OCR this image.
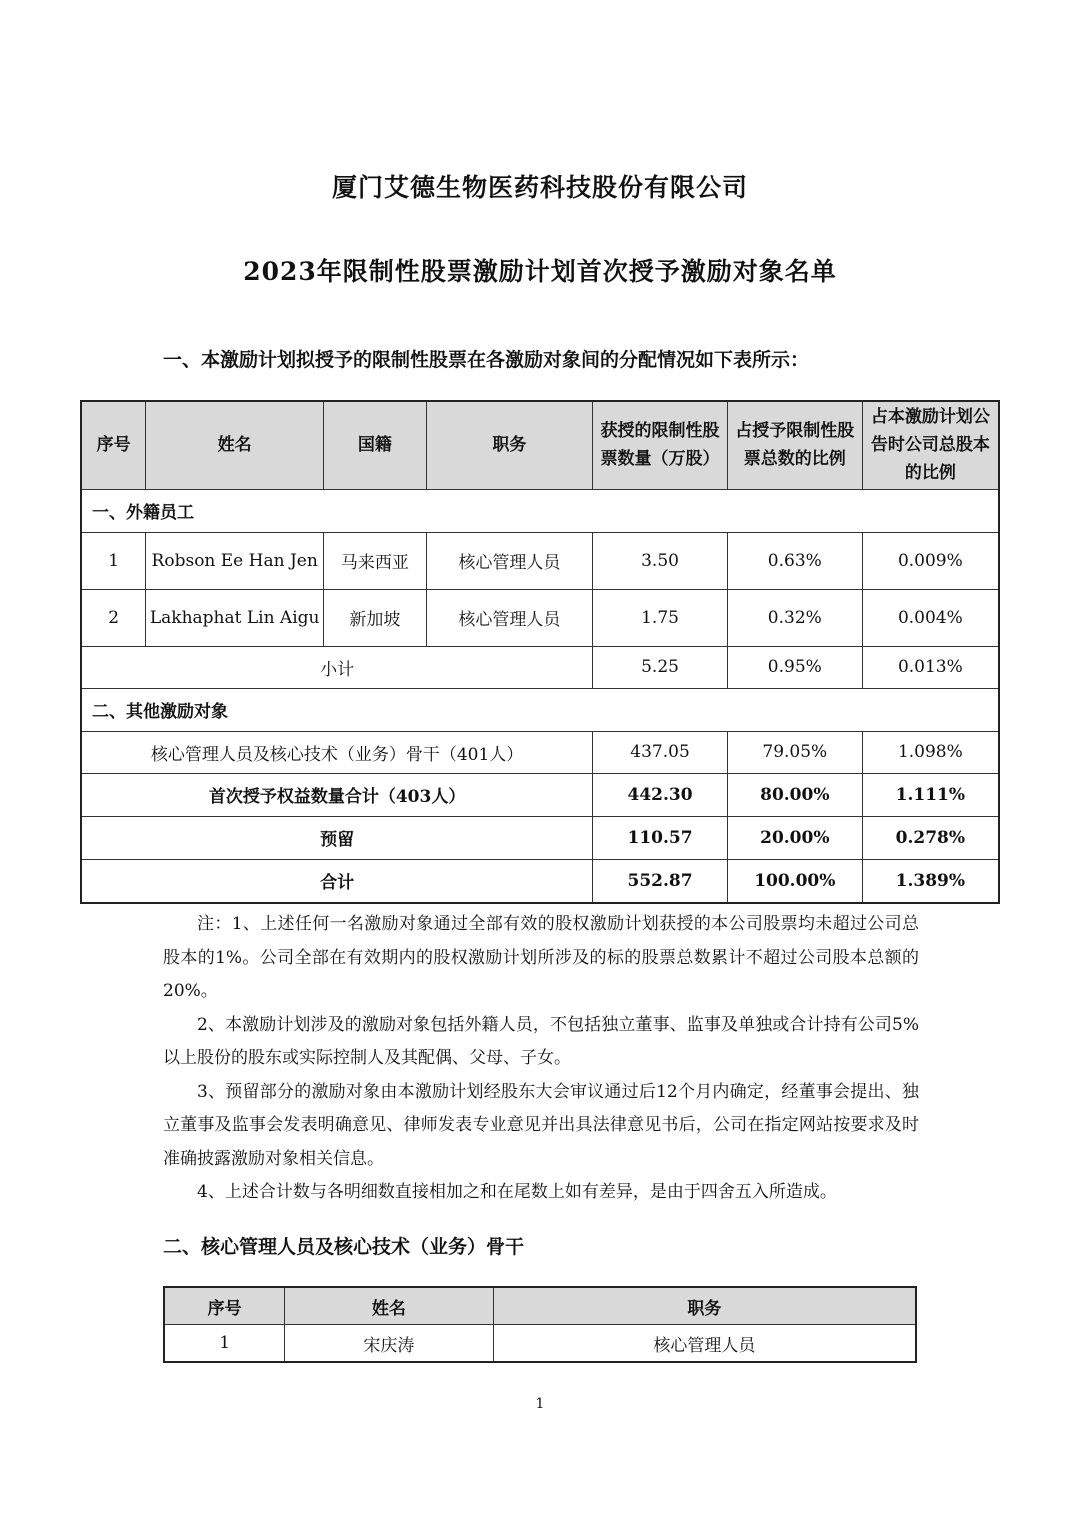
厦门艾德生物医药科技股份有限公司
2023年限制性股票激励计划首次授予激励对象名单
一、本激励计划拟授予的限制性股票在各激励对象间的分配情况如下表所示：
序号	姓名	国籍	职务	获授的限制性股票数量（万股）	占授予限制性股票总数的比例	占本激励计划公告时公司总股本的比例
一、外籍员工						
1	Robson Ee Han Jen	马来西亚	核心管理人员	3.50	0.63%	0.009%
2	Lakhaphat Lin Aigu	新加坡	核心管理人员	1.75	0.32%	0.004%
小计				5.25	0.95%	0.013%
二、其他激励对象						
核心管理人员及核心技术（业务）骨干（401人）				437.05	79.05%	1.098%
首次授予权益数量合计（403人）				442.30	80.00%	1.111%
预留				110.57	20.00%	0.278%
合计				552.87	100.00%	1.389%

注：1、上述任何一名激励对象通过全部有效的股权激励计划获授的本公司股票均未超过公司总股本的1%。公司全部在有效期内的股权激励计划所涉及的标的股票总数累计不超过公司股本总额的20%。

2、本激励计划涉及的激励对象包括外籍人员，不包括独立董事、监事及单独或合计持有公司5%以上股份的股东或实际控制人及其配偶、父母、子女。

3、预留部分的激励对象由本激励计划经股东大会审议通过后12个月内确定，经董事会提出、独立董事及监事会发表明确意见、律师发表专业意见并出具法律意见书后，公司在指定网站按要求及时准确披露激励对象相关信息。

4、上述合计数与各明细数直接相加之和在尾数上如有差异，是由于四舍五入所造成。

二、核心管理人员及核心技术（业务）骨干
序号	姓名	职务
1	宋庆涛	核心管理人员
1
